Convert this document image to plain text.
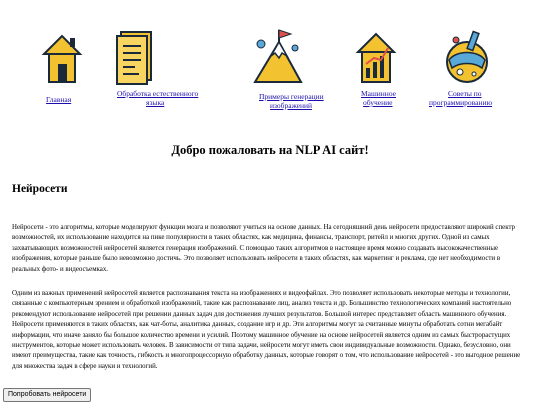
Главная
Обработка естественного
языка
Примеры генерации
изображений
Машинное
обучение
Советы по
программированию
Добро пожаловать на NLP AI сайт!
Нейросети

Нейросети - это алгоритмы, которые моделируют функции мозга и позволяют учиться на основе данных. На сегодняшний день нейросети предоставляют широкий спектр возможностей, их использование находится на пике популярности в таких областях, как медицина, финансы, транспорт, ритейл и многих других. Одной из самых захватывающих возможностей нейросетей является генерация изображений. С помощью таких алгоритмов в настоящее время можно создавать высококачественные изображения, которые раньше было невозможно достичь. Это позволяет использовать нейросети в таких областях, как маркетинг и реклама, где нет необходимости в реальных фото- и видеосъемках.

Одним из важных применений нейросетей является распознавания текста на изображениях и видеофайлах. Это позволяет использовать некоторые методы и технологии, связанные с компьютерным зрением и обработкой изображений, такие как распознавание лиц, анализ текста и др. Большинство технологических компаний настоятельно рекомендуют использование нейросетей при решении данных задач для достижения лучших результатов. Большой интерес представляет область машинного обучения. Нейросети применяются в таких областях, как чат-боты, аналитика данных, создание игр и др. Эти алгоритмы могут за считанные минуты обработать сотни мегабайт информации, что иначе заняло бы большое количество времени и усилий. Поэтому машинное обучение на основе нейросетей является одним из самых быстрорастущих инструментов, которые может использовать человек. В зависимости от типа задачи, нейросети могут иметь свои индивидуальные возможности. Однако, безусловно, они имеют преимущества, такие как точность, гибкость и многопроцессорную обработку данных, которые говорят о том, что использование нейросетей - это выгодное решение для множества задач в сфере науки и технологий.

Попробовать нейросети
